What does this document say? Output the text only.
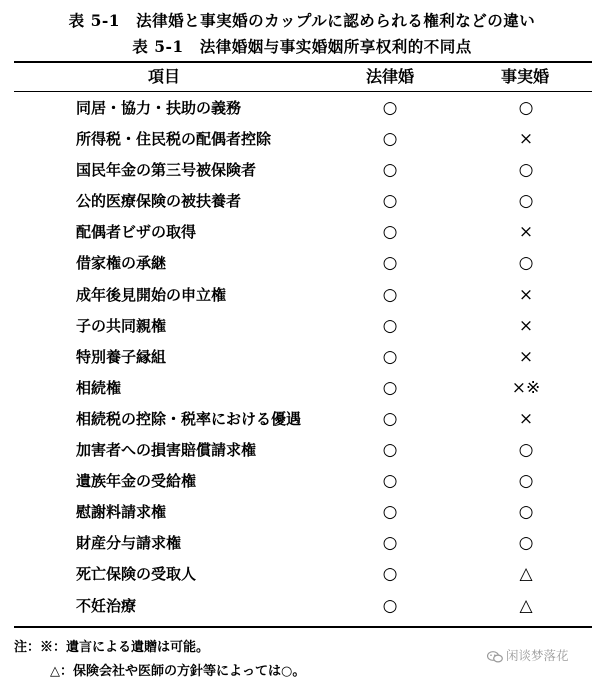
表 5-1　法律婚と事実婚のカップルに認められる権利などの違い
表 5-1　法律婚姻与事实婚姻所享权利的不同点
項目	法律婚	事実婚
同居・協力・扶助の義務	○	○
所得税・住民税の配偶者控除	○	×
国民年金の第三号被保険者	○	○
公的医療保険の被扶養者	○	○
配偶者ビザの取得	○	×
借家権の承継	○	○
成年後見開始の申立権	○	×
子の共同親権	○	×
特別養子縁組	○	×
相続権	○	×※
相続税の控除・税率における優遇	○	×
加害者への損害賠償請求権	○	○
遺族年金の受給権	○	○
慰謝料請求権	○	○
財産分与請求権	○	○
死亡保険の受取人	○	△
不妊治療	○	△
注：※：遺言による遺贈は可能。
△：保険会社や医師の方針等によっては○。
闲谈梦落花
